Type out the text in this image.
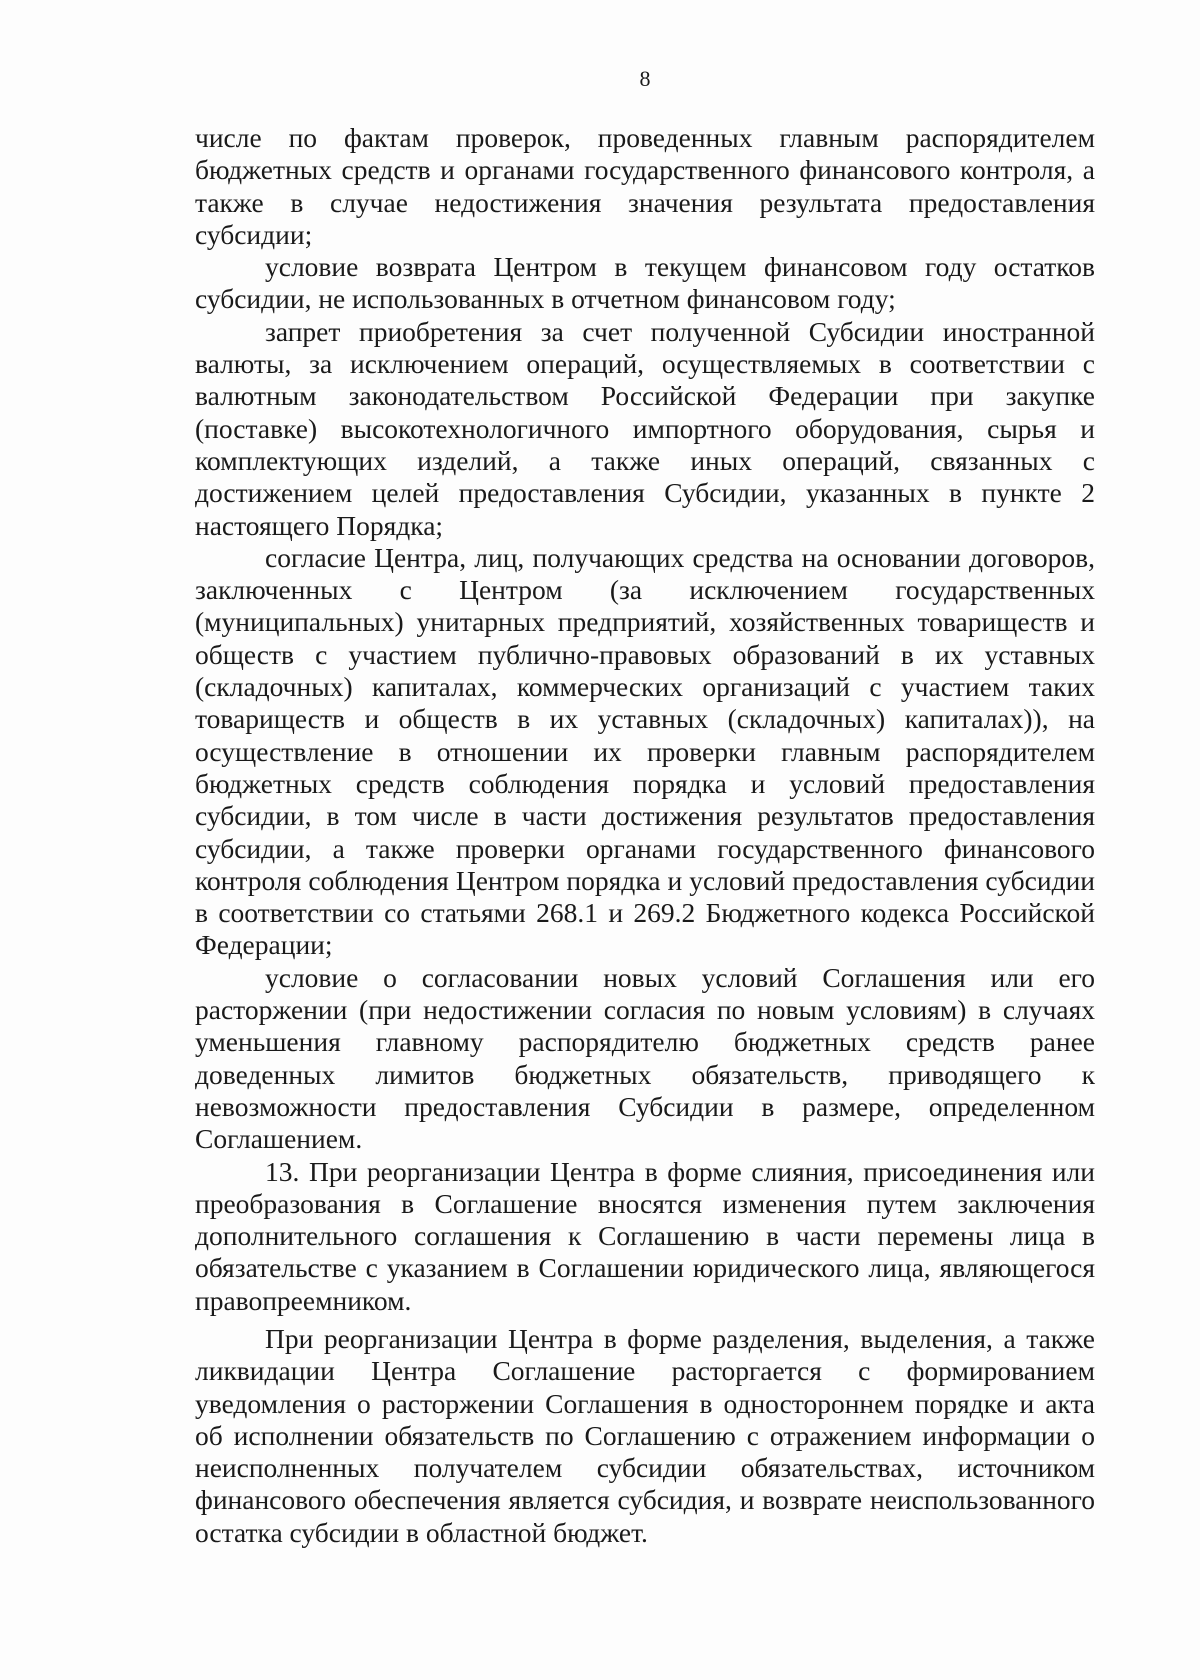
8

числе по фактам проверок, проведенных главным распорядителем бюджетных средств и органами государственного финансового контроля, а также в случае недостижения значения результата предоставления субсидии;

условие возврата Центром в текущем финансовом году остатков субсидии, не использованных в отчетном финансовом году;

запрет приобретения за счет полученной Субсидии иностранной валюты, за исключением операций, осуществляемых в соответствии с валютным законодательством Российской Федерации при закупке (поставке) высокотехнологичного импортного оборудования, сырья и комплектующих изделий, а также иных операций, связанных с достижением целей предоставления Субсидии, указанных в пункте 2 настоящего Порядка;

согласие Центра, лиц, получающих средства на основании договоров, заключенных с Центром (за исключением государственных (муниципальных) унитарных предприятий, хозяйственных товариществ и обществ с участием публично-правовых образований в их уставных (складочных) капиталах, коммерческих организаций с участием таких товариществ и обществ в их уставных (складочных) капиталах)), на осуществление в отношении их проверки главным распорядителем бюджетных средств соблюдения порядка и условий предоставления субсидии, в том числе в части достижения результатов предоставления субсидии, а также проверки органами государственного финансового контроля соблюдения Центром порядка и условий предоставления субсидии в соответствии со статьями 268.1 и 269.2 Бюджетного кодекса Российской Федерации;

условие о согласовании новых условий Соглашения или его расторжении (при недостижении согласия по новым условиям) в случаях уменьшения главному распорядителю бюджетных средств ранее доведенных лимитов бюджетных обязательств, приводящего к невозможности предоставления Субсидии в размере, определенном Соглашением.

13. При реорганизации Центра в форме слияния, присоединения или преобразования в Соглашение вносятся изменения путем заключения дополнительного соглашения к Соглашению в части перемены лица в обязательстве с указанием в Соглашении юридического лица, являющегося правопреемником.

При реорганизации Центра в форме разделения, выделения, а также ликвидации Центра Соглашение расторгается с формированием уведомления о расторжении Соглашения в одностороннем порядке и акта об исполнении обязательств по Соглашению с отражением информации о неисполненных получателем субсидии обязательствах, источником финансового обеспечения является субсидия, и возврате неиспользованного остатка субсидии в областной бюджет.
